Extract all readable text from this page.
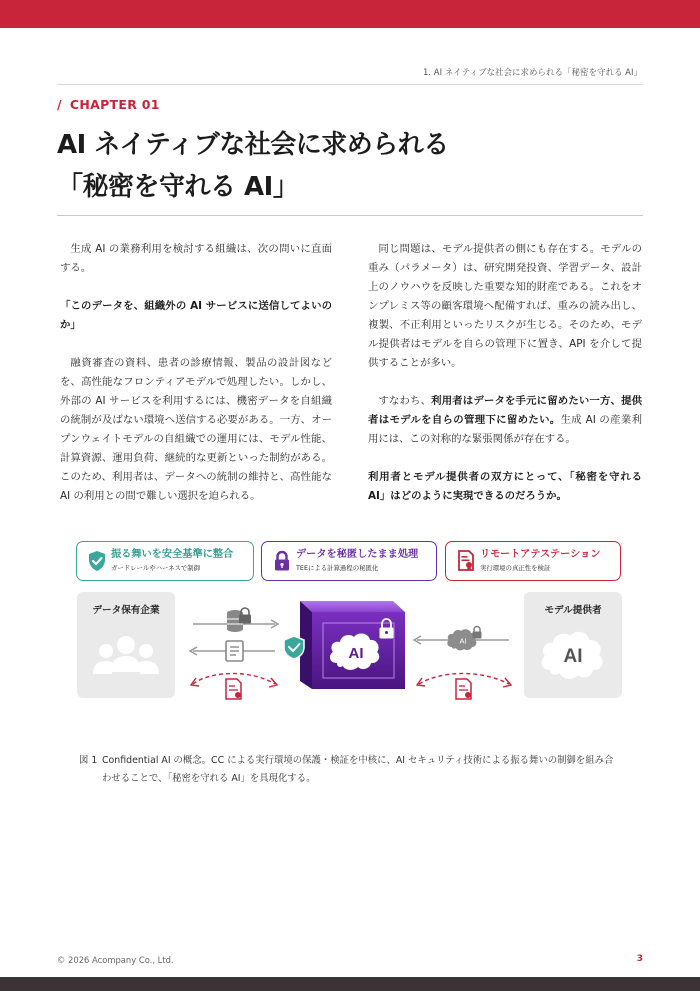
1. AI ネイティブな社会に求められる「秘密を守れる AI」
/ CHAPTER 01
AI ネイティブな社会に求められる
「秘密を守れる AI」

生成 AI の業務利用を検討する組織は、次の問いに直面する。

「このデータを、組織外の AI サービスに送信してよいのか」

融資審査の資料、患者の診療情報、製品の設計図などを、高性能なフロンティアモデルで処理したい。しかし、外部の AI サービスを利用するには、機密データを自組織の統制が及ばない環境へ送信する必要がある。一方、オープンウェイトモデルの自組織での運用には、モデル性能、計算資源、運用負荷、継続的な更新といった制約がある。このため、利用者は、データへの統制の維持と、高性能な AI の利用との間で難しい選択を迫られる。

同じ問題は、モデル提供者の側にも存在する。モデルの重み（パラメータ）は、研究開発投資、学習データ、設計上のノウハウを反映した重要な知的財産である。これをオンプレミス等の顧客環境へ配備すれば、重みの読み出し、複製、不正利用といったリスクが生じる。そのため、モデル提供者はモデルを自らの管理下に置き、API を介して提供することが多い。

すなわち、利用者はデータを手元に留めたい一方、提供者はモデルを自らの管理下に留めたい。生成 AI の産業利用には、この対称的な緊張関係が存在する。

利用者とモデル提供者の双方にとって、「秘密を守れる AI」はどのように実現できるのだろうか。

振る舞いを安全基準に整合
ガードレールやハーネスで制御
データを秘匿したまま処理
TEEによる計算過程の秘匿化
リモートアテステーション
実行環境の真正性を検証
データ保有企業	モデル提供者
AI
AI
AI
図 1 Confidential AI の概念。CC による実行環境の保護・検証を中核に、AI セキュリティ技術による振る舞いの制御を組み合わせることで、「秘密を守れる AI」を具現化する。
© 2026 Acompany Co., Ltd.	3
